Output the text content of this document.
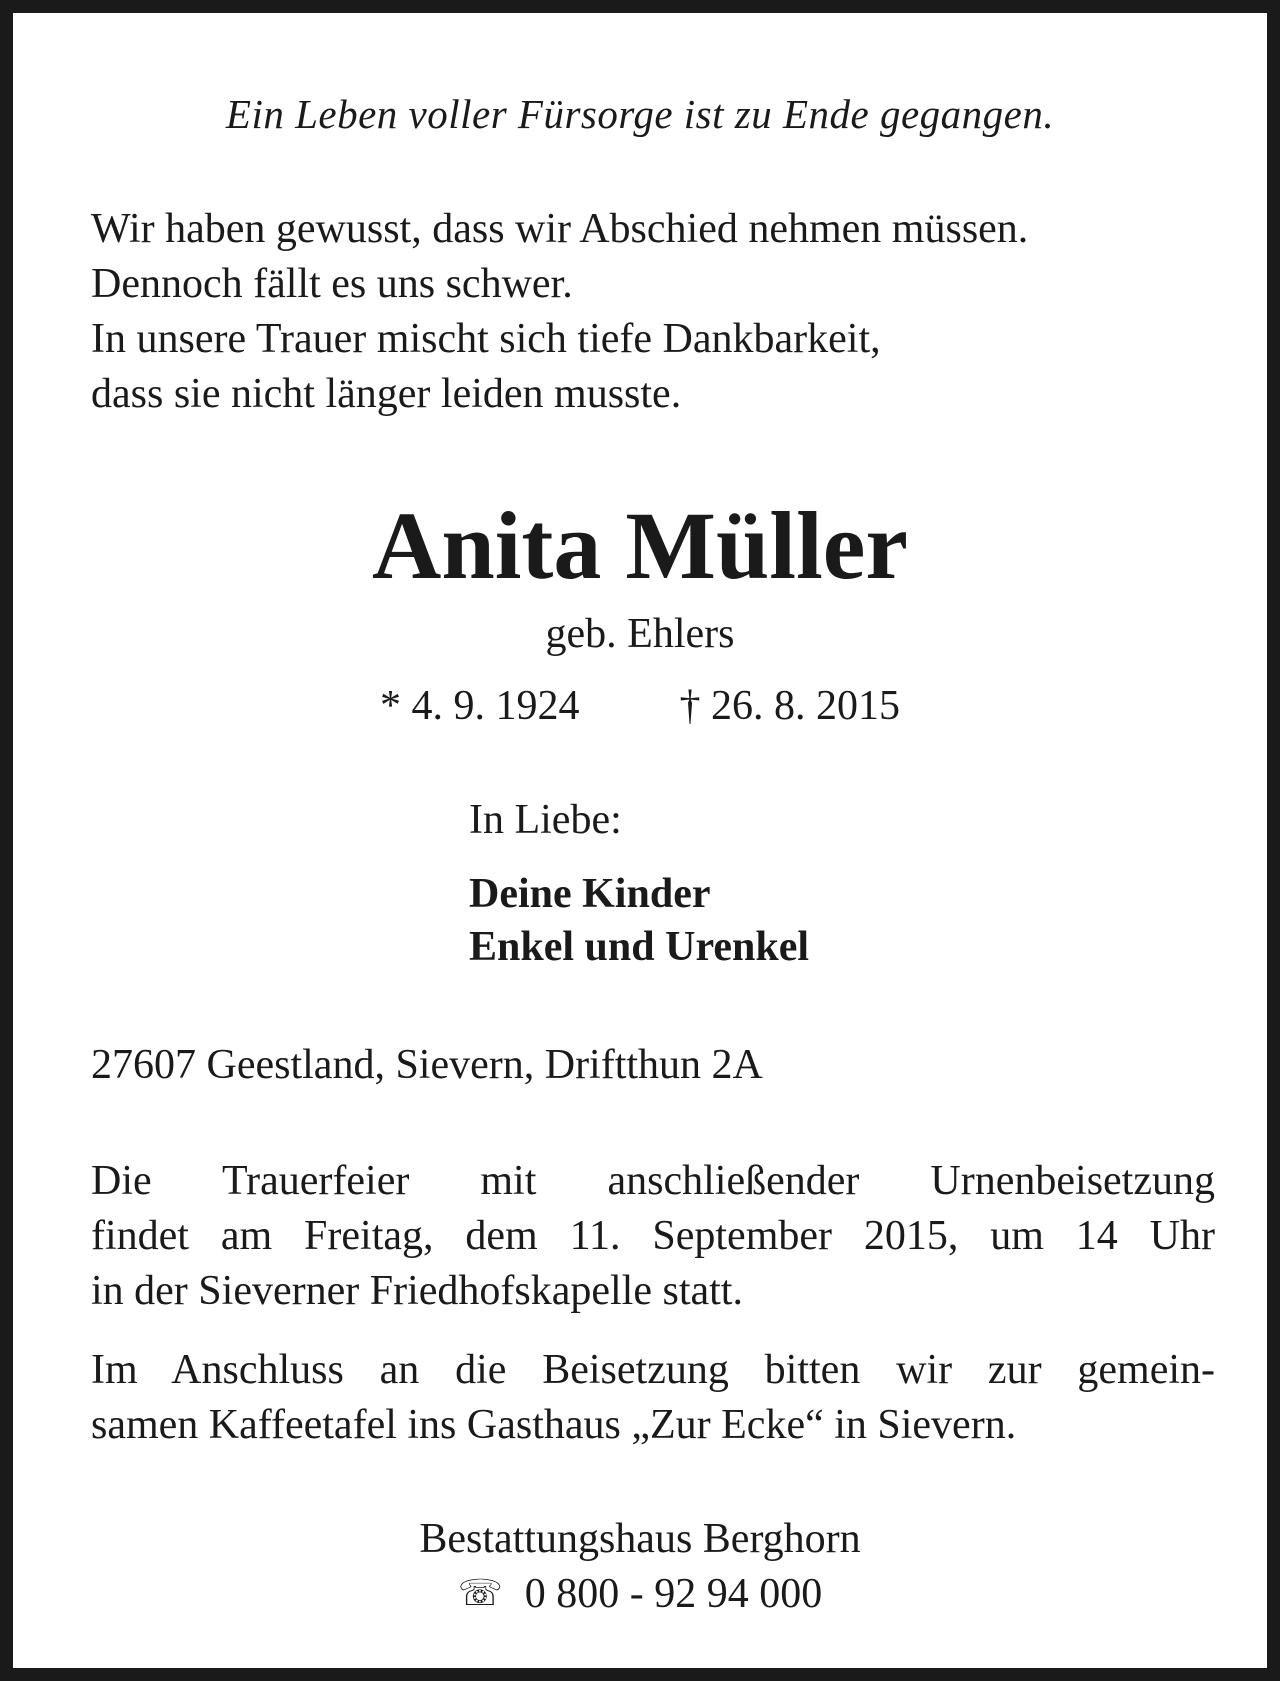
Ein Leben voller Fürsorge ist zu Ende gegangen.
Wir haben gewusst, dass wir Abschied nehmen müssen.
Dennoch fällt es uns schwer.
In unsere Trauer mischt sich tiefe Dankbarkeit,
dass sie nicht länger leiden musste.
Anita Müller
geb. Ehlers
* 4. 9. 1924 † 26. 8. 2015
In Liebe:
Deine Kinder
Enkel und Urenkel
27607 Geestland, Sievern, Driftthun 2A
Die Trauerfeier mit anschließender Urnenbeisetzung
findet am Freitag, dem 11. September 2015, um 14 Uhr
in der Sieverner Friedhofskapelle statt.
Im Anschluss an die Beisetzung bitten wir zur gemein-
samen Kaffeetafel ins Gasthaus „Zur Ecke“ in Sievern.
Bestattungshaus Berghorn
☏ 0 800 - 92 94 000
